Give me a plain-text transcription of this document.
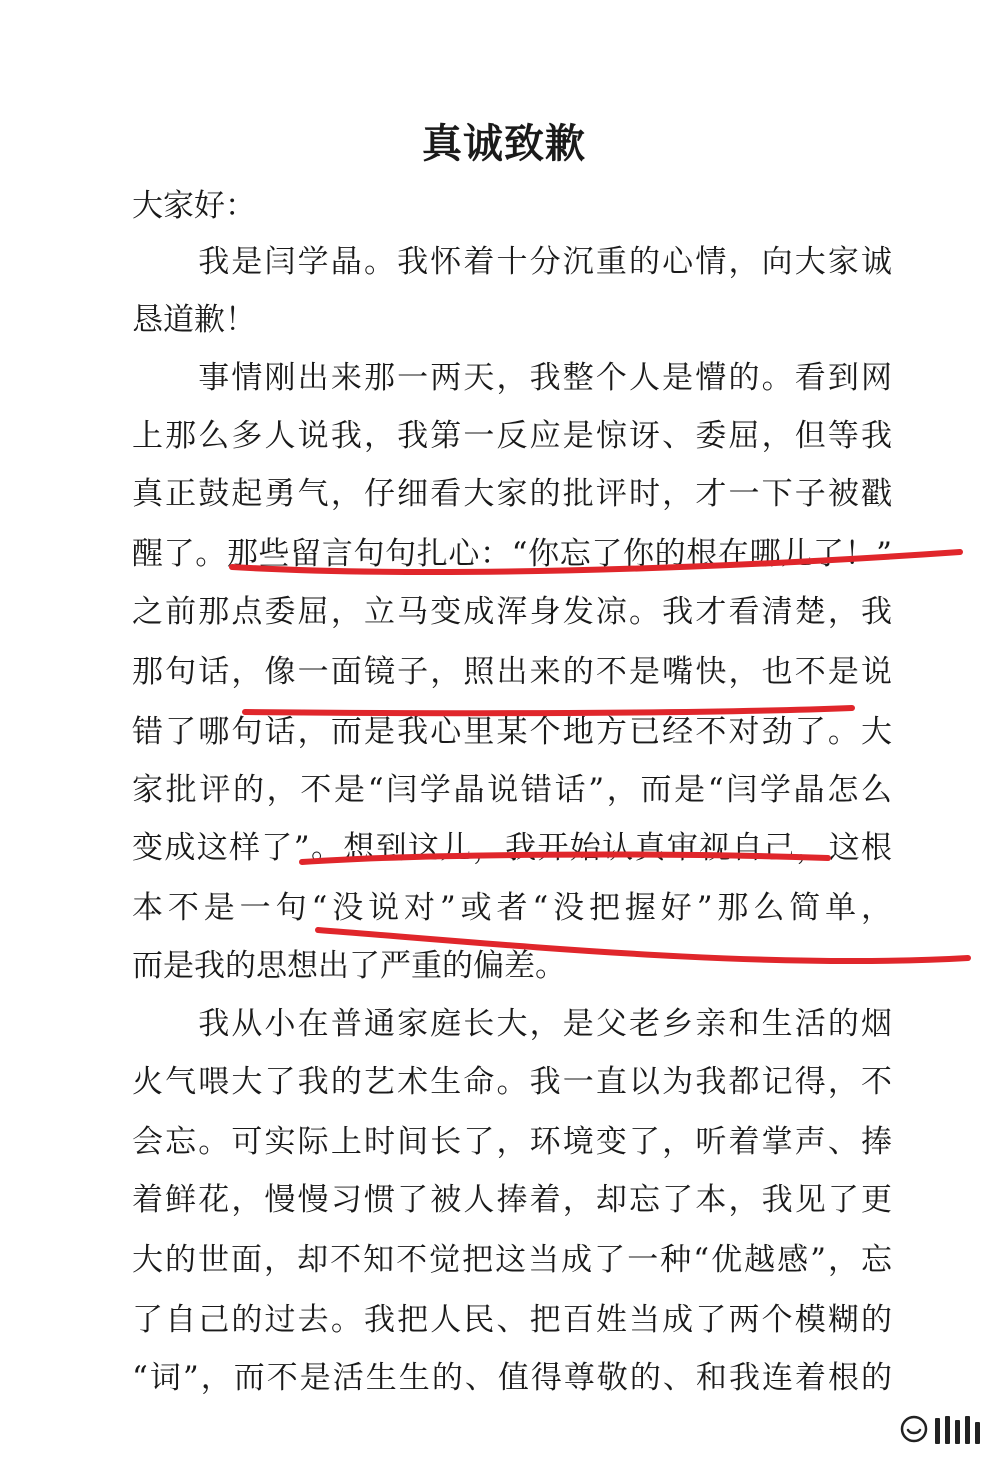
真诚致歉
大家好：
　　我是闫学晶。我怀着十分沉重的心情，向大家诚
恳道歉！
　　事情刚出来那一两天，我整个人是懵的。看到网
上那么多人说我，我第一反应是惊讶、委屈，但等我
真正鼓起勇气，仔细看大家的批评时，才一下子被戳
醒了。那些留言句句扎心：“你忘了你的根在哪儿了！”
之前那点委屈，立马变成浑身发凉。我才看清楚，我
那句话，像一面镜子，照出来的不是嘴快，也不是说
错了哪句话，而是我心里某个地方已经不对劲了。大
家批评的，不是“闫学晶说错话”，而是“闫学晶怎么
变成这样了”。想到这儿，我开始认真审视自己，这根
本不是一句“没说对”或者“没把握好”那么简单，
而是我的思想出了严重的偏差。
　　我从小在普通家庭长大，是父老乡亲和生活的烟
火气喂大了我的艺术生命。我一直以为我都记得，不
会忘。可实际上时间长了，环境变了，听着掌声、捧
着鲜花，慢慢习惯了被人捧着，却忘了本，我见了更
大的世面，却不知不觉把这当成了一种“优越感”，忘
了自己的过去。我把人民、把百姓当成了两个模糊的
“词”，而不是活生生的、值得尊敬的、和我连着根的
